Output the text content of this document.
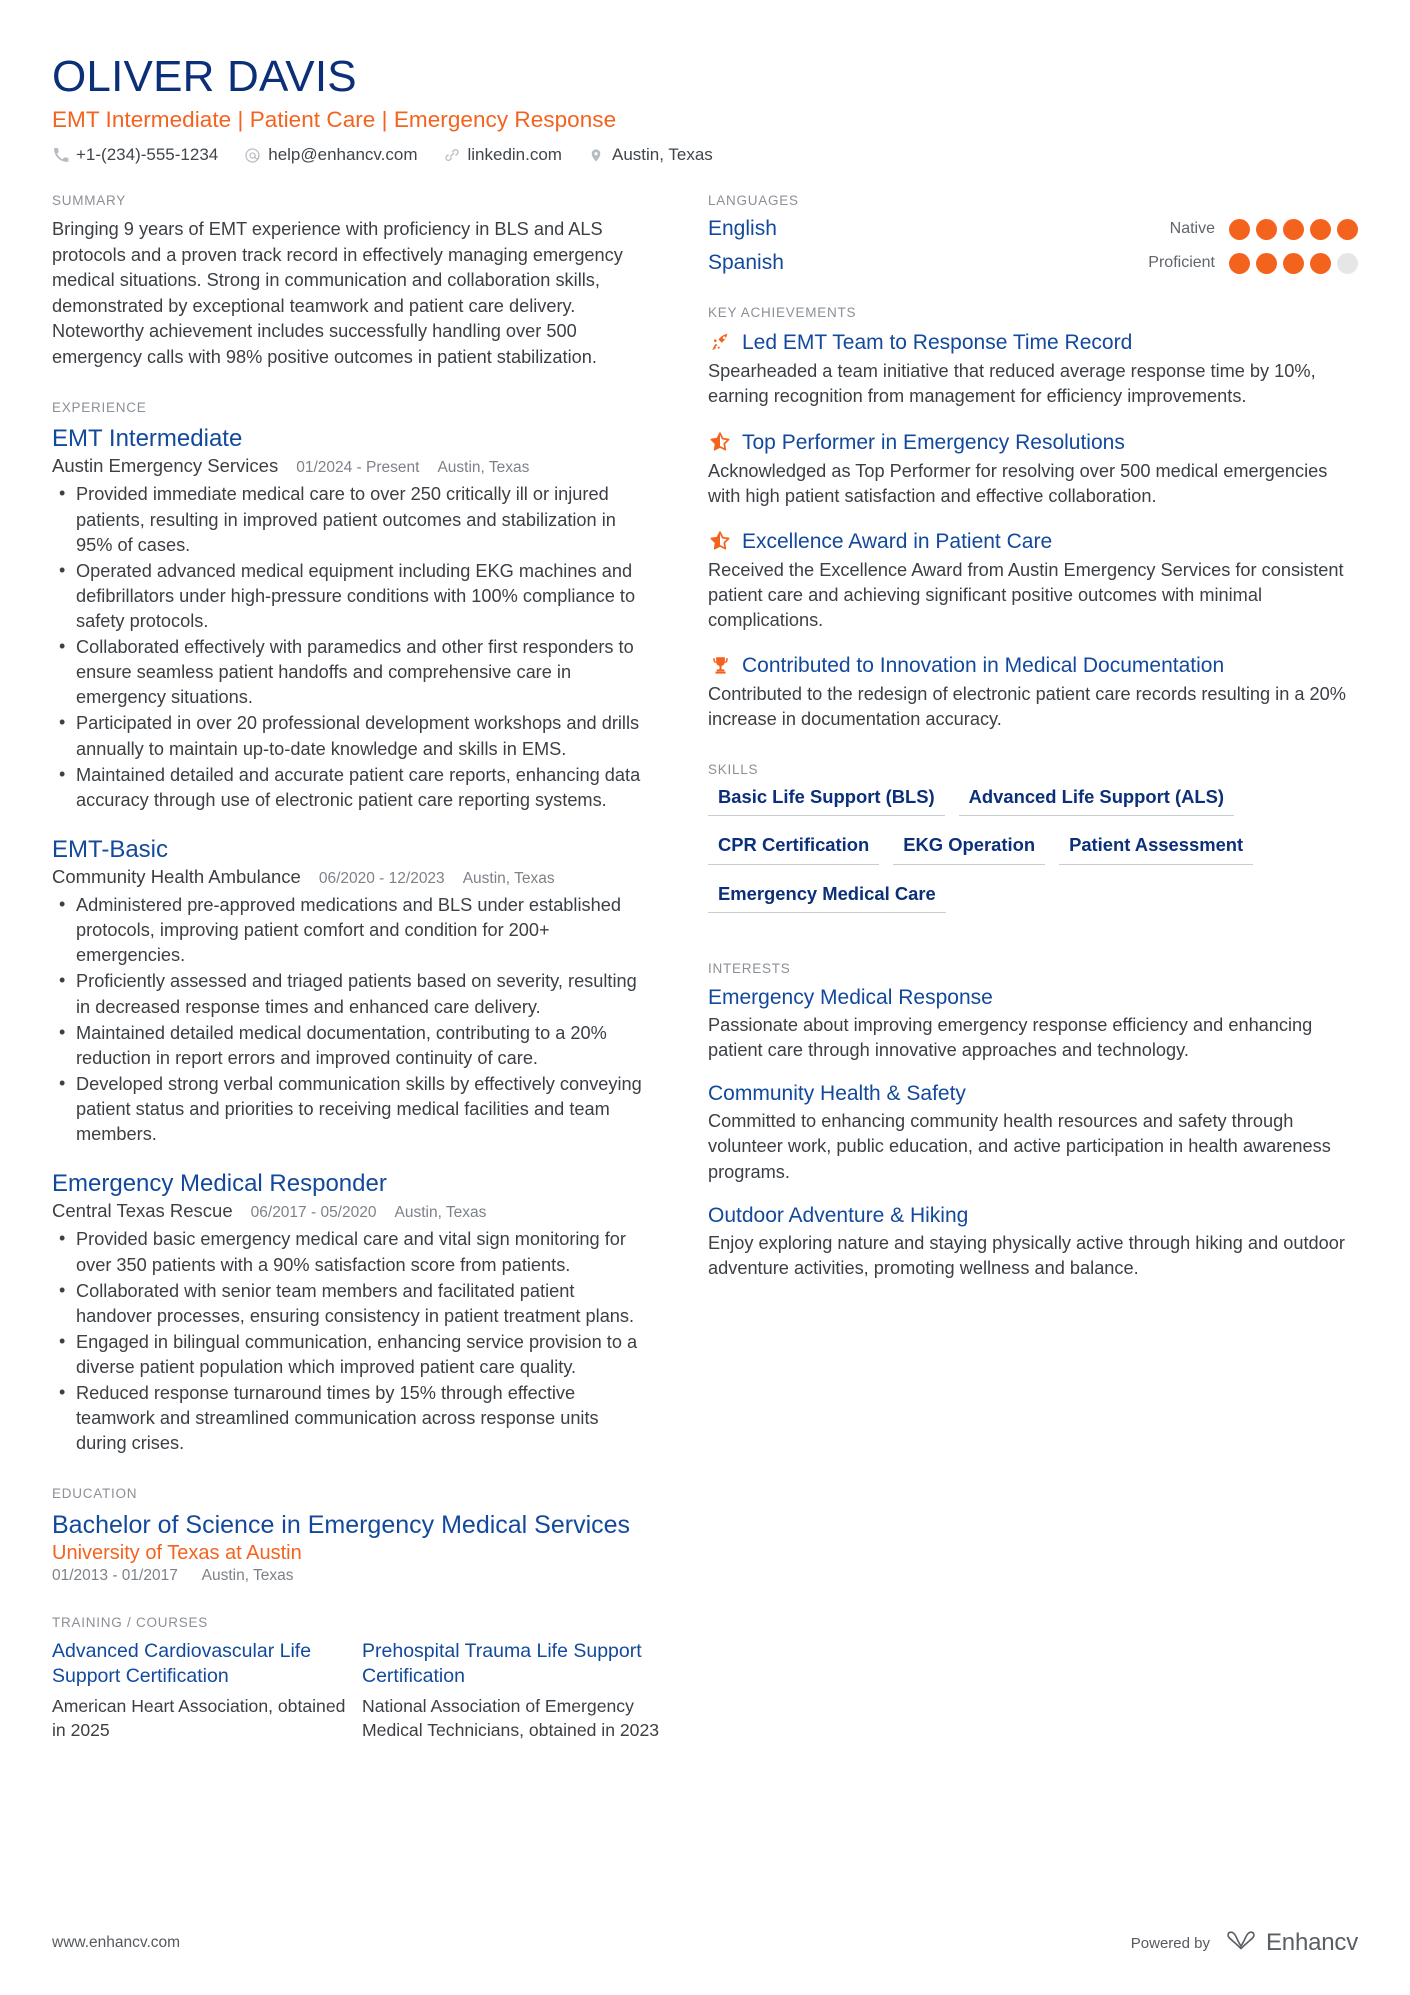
OLIVER DAVIS
EMT Intermediate | Patient Care | Emergency Response
+1-(234)-555-1234	help@enhancv.com	linkedin.com	Austin, Texas
SUMMARY
Bringing 9 years of EMT experience with proficiency in BLS and ALS protocols and a proven track record in effectively managing emergency medical situations. Strong in communication and collaboration skills, demonstrated by exceptional teamwork and patient care delivery. Noteworthy achievement includes successfully handling over 500 emergency calls with 98% positive outcomes in patient stabilization.
EXPERIENCE
EMT Intermediate
Austin Emergency Services 01/2024 - Present Austin, Texas
• Provided immediate medical care to over 250 critically ill or injured patients, resulting in improved patient outcomes and stabilization in 95% of cases.
• Operated advanced medical equipment including EKG machines and defibrillators under high-pressure conditions with 100% compliance to safety protocols.
• Collaborated effectively with paramedics and other first responders to ensure seamless patient handoffs and comprehensive care in emergency situations.
• Participated in over 20 professional development workshops and drills annually to maintain up-to-date knowledge and skills in EMS.
• Maintained detailed and accurate patient care reports, enhancing data accuracy through use of electronic patient care reporting systems.
EMT-Basic
Community Health Ambulance 06/2020 - 12/2023 Austin, Texas
• Administered pre-approved medications and BLS under established protocols, improving patient comfort and condition for 200+ emergencies.
• Proficiently assessed and triaged patients based on severity, resulting in decreased response times and enhanced care delivery.
• Maintained detailed medical documentation, contributing to a 20% reduction in report errors and improved continuity of care.
• Developed strong verbal communication skills by effectively conveying patient status and priorities to receiving medical facilities and team members.
Emergency Medical Responder
Central Texas Rescue 06/2017 - 05/2020 Austin, Texas
• Provided basic emergency medical care and vital sign monitoring for over 350 patients with a 90% satisfaction score from patients.
• Collaborated with senior team members and facilitated patient handover processes, ensuring consistency in patient treatment plans.
• Engaged in bilingual communication, enhancing service provision to a diverse patient population which improved patient care quality.
• Reduced response turnaround times by 15% through effective teamwork and streamlined communication across response units during crises.
EDUCATION
Bachelor of Science in Emergency Medical Services
University of Texas at Austin
01/2013 - 01/2017 Austin, Texas
TRAINING / COURSES
Advanced Cardiovascular Life Support Certification
American Heart Association, obtained in 2025
Prehospital Trauma Life Support Certification
National Association of Emergency Medical Technicians, obtained in 2023
LANGUAGES
English	Native
Spanish	Proficient
KEY ACHIEVEMENTS
Led EMT Team to Response Time Record
Spearheaded a team initiative that reduced average response time by 10%, earning recognition from management for efficiency improvements.
Top Performer in Emergency Resolutions
Acknowledged as Top Performer for resolving over 500 medical emergencies with high patient satisfaction and effective collaboration.
Excellence Award in Patient Care
Received the Excellence Award from Austin Emergency Services for consistent patient care and achieving significant positive outcomes with minimal complications.
Contributed to Innovation in Medical Documentation
Contributed to the redesign of electronic patient care records resulting in a 20% increase in documentation accuracy.
SKILLS
Basic Life Support (BLS)	Advanced Life Support (ALS)
CPR Certification	EKG Operation	Patient Assessment
Emergency Medical Care
INTERESTS
Emergency Medical Response
Passionate about improving emergency response efficiency and enhancing patient care through innovative approaches and technology.
Community Health & Safety
Committed to enhancing community health resources and safety through volunteer work, public education, and active participation in health awareness programs.
Outdoor Adventure & Hiking
Enjoy exploring nature and staying physically active through hiking and outdoor adventure activities, promoting wellness and balance.
www.enhancv.com	Powered by Enhancv
